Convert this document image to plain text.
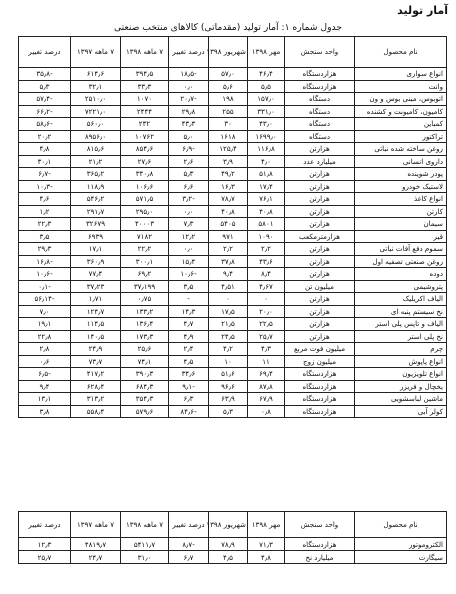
آمار تولید
جدول شماره ۱: آمار تولید (مقدماتی) کالاهای منتخب صنعتی
نام محصول	واحد سنجش	مهر ۱۳۹۸	شهریور ۱۳۹۸	درصد تغییر	۷ ماهه ۱۳۹۸	۷ ماهه ۱۳۹۷	درصد تغییر
انواع سواری	هزاردستگاه	۴۶٫۴	۵۷٫۰	-۱۸٫۵	۳۹۴٫۵	۶۱۴٫۶	-۳۵٫۸
وانت	هزاردستگاه	۵٫۵	۵٫۶	۰٫۰	۳۳٫۳	۳۲٫۱	۵٫۳
اتوبوس، مینی بوس و ون	دستگاه	۱۵۷٫۰	۱۹۸	-۲۰٫۷	۱۰۷۰	۲۵۱۰٫۰	-۵۷٫۴
کامیون، کامیونت و کشنده	دستگاه	۳۳۱٫۰	۲۵۵	۲۹٫۸	۲۴۴۴	۷۲۲۱٫۰	-۶۶٫۲
کمباین	دستگاه	۴۳٫۰	۳۰	۴۳٫۳	۲۳۲	۵۶۰٫۰	-۵۸٫۶
تراکتور	دستگاه	۱۶۹۹٫۰	۱۶۱۸	۵٫۰	۱۰۷۶۲	۸۹۵۶٫۰	۲۰٫۲
روغن ساخته شده نباتی	هزارتن	۱۱۶٫۸	۱۲۵٫۴	-۶٫۹	۸۵۴٫۶	۸۱۵٫۶	۴٫۸
داروی انسانی	میلیارد عدد	۴٫۰	۳٫۹	۲٫۶	۲۷٫۶	۲۱٫۲	۳۰٫۱
پودر شوینده	هزارتن	۵۱٫۸	۴۹٫۲	۵٫۳	۳۴۰٫۸	۳۶۵٫۲	-۶٫۷
لاستیک خودرو	هزارتن	۱۷٫۴	۱۶٫۳	۶٫۶	۱۰۶٫۶	۱۱۸٫۹	-۱۰٫۳
انواع کاغذ	هزارتن	۷۶٫۱	۷۸٫۷	-۳٫۲	۵۷۱٫۵	۵۴۶٫۲	۴٫۶
کارتن	هزارتن	۴۰٫۸	۴۰٫۸	۰٫۰	۲۹۵٫۰	۲۹۱٫۷	۱٫۲
سیمان	هزارتن	۵۸۰۱	۵۴۰۵	۷٫۳	۴۰۰۰۳	۳۲۶۷۹	۲۲٫۳
قیر	هزارمترمکعب	۱۰۹۰	۹۷۱	۱۲٫۲	۷۱۸۲	۶۹۳۹	۳٫۵
سموم دفع آفات نباتی	هزارتن	۲٫۲	۲٫۲	۰٫۰	۲۲٫۲	۱۷٫۱	۲۹٫۳
روغن صنعتی تصفیه اول	هزارتن	۴۳٫۶	۳۷٫۸	۱۵٫۴	۳۰۰٫۱	۳۶۰٫۹	-۱۶٫۸
دوده	هزارتن	۸٫۴	۹٫۴	-۱۰٫۶	۶۹٫۲	۷۷٫۴	-۱۰٫۶
پتروشیمی	میلیون تن	۴٫۶۷	۴٫۵۱	۳٫۵	۳۷٫۱۹۹	۳۷٫۲۳	-۰٫۱
الیاف اکریلیک	هزارتن	۰	۰	-	۰٫۷۵	۱٫۷۱	-۵۶٫۱۴
نخ سیستم پنبه ای	هزارتن	۲۰٫۰	۱۷٫۵	۱۴٫۳	۱۳۳٫۲	۱۲۴٫۷	۷٫۰
الیاف و تاپس پلی استر	هزارتن	۲۲٫۵	۲۱٫۵	۴٫۷	۱۳۶٫۴	۱۱۴٫۵	۱۹٫۱
نخ پلی استر	هزارتن	۲۵٫۷	۲۴٫۵	۴٫۹	۱۷۳٫۳	۱۴۰٫۵	۲۲٫۸
چرم	میلیون فوت مربع	۴٫۳	۴٫۲	۲٫۴	۲۵٫۶	۲۴٫۹	۲٫۸
انواع پاپوش	میلیون زوج	۱۱	۱۰	۴٫۵	۷۴٫۱	۷۳٫۷	۰٫۶
انواع تلویزیون	هزاردستگاه	۶۹٫۴	۵۱٫۶	۳۴٫۶	۳۹۰٫۳	۴۱۷٫۲	-۶٫۵
یخچال و فریزر	هزاردستگاه	۸۷٫۸	۹۶٫۶	-۹٫۱	۶۸۴٫۳	۶۲۸٫۴	۹٫۴
ماشین لباسشویی	هزاردستگاه	۶۷٫۹	۶۳٫۹	۶٫۳	۳۵۴٫۳	۳۱۳٫۲	۱۳٫۱
کولر آبی	هزاردستگاه	۰٫۸	۵٫۳	-۸۴٫۶	۵۷۹٫۶	۵۵۸٫۴	۳٫۸
نام محصول	واحد سنجش	مهر ۱۳۹۸	شهریور ۱۳۹۸	درصد تغییر	۷ ماهه ۱۳۹۸	۷ ماهه ۱۳۹۷	درصد تغییر
الکتروموتور	هزاردستگاه	۷۱٫۳	۷۸٫۹	-۸٫۷	۵۴۱۱٫۷	۴۸۱۹٫۷	۱۲٫۳
سیگارت	میلیارد نخ	۴٫۸	۴٫۵	۶٫۷	۳۱٫۰	۲۴٫۷	۲۵٫۷
